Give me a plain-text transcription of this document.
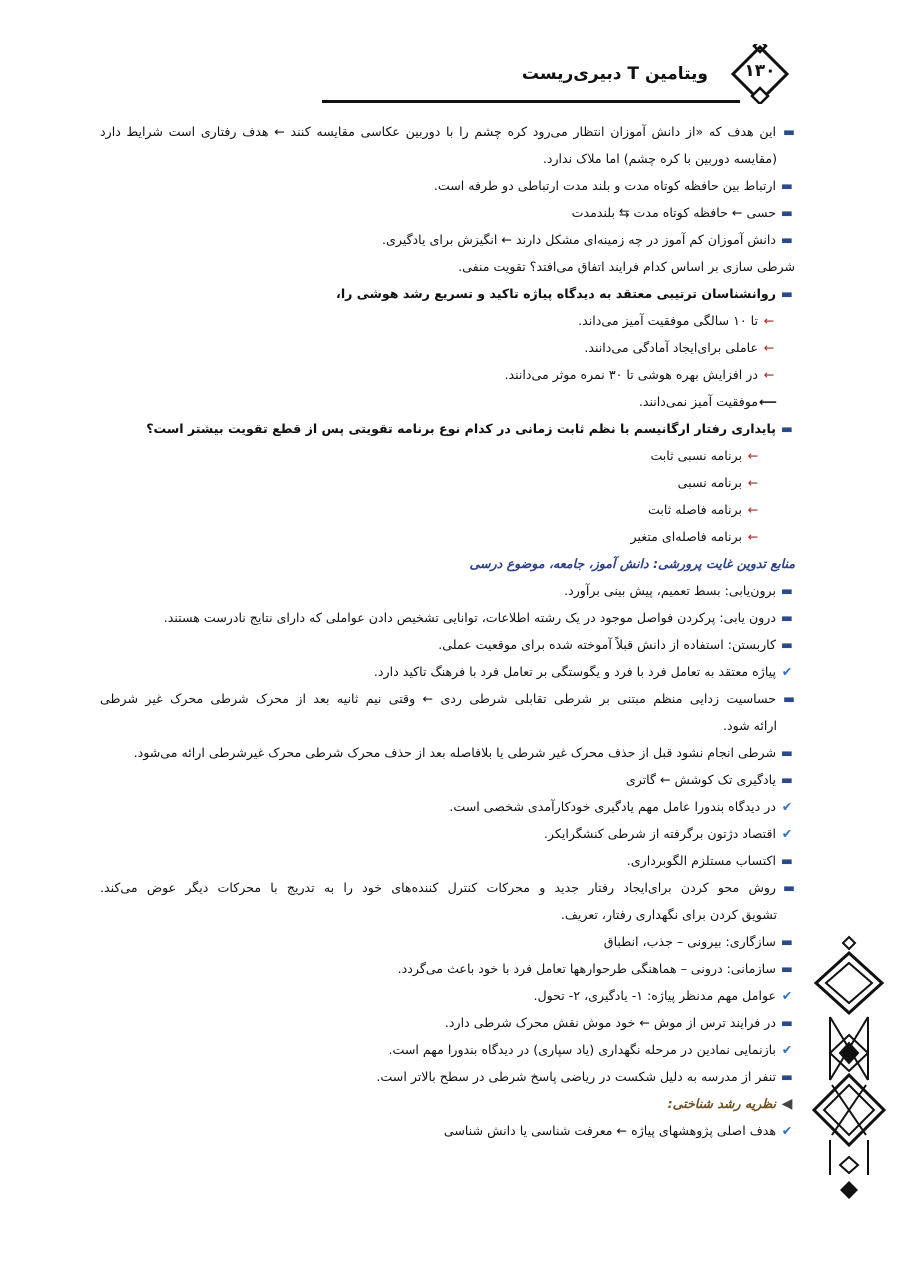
ویتامین T دبیری‌ریست	۱۳۰
▬این هدف که «از دانش آموزان انتظار می‌رود کره چشم را با دوربین عکاسی مقایسه کنند ← هدف رفتاری است شرایط دارد
(مقایسه دوربین با کره چشم) اما ملاک ندارد.
▬ارتباط بین حافظه کوتاه مدت و بلند مدت ارتباطی دو طرفه است.
▬حسی ← حافظه کوتاه مدت ⇆ بلندمدت
▬دانش آموزان کم آموز در چه زمینه‌ای مشکل دارند ← انگیزش برای یادگیری.
شرطی سازی بر اساس کدام فرایند اتفاق می‌افتد؟ تقویت منفی.
▬روانشناسان ترتیبی معتقد به دیدگاه پیاژه تاکید و تسریع رشد هوشی را،
←تا ۱۰ سالگی موفقیت آمیز می‌داند.
←عاملی برای‌ایجاد آمادگی می‌دانند.
←در افزایش بهره هوشی تا ۳۰ نمره موثر می‌دانند.
⟵موفقیت آمیز نمی‌دانند.
▬پایداری رفتار ارگانیسم با نظم ثابت زمانی در کدام نوع برنامه تقویتی پس از قطع تقویت بیشتر است؟
←برنامه نسبی ثابت
←برنامه نسبی
←برنامه فاصله ثابت
←برنامه فاصله‌ای متغیر
منابع تدوین غایت پرورشی: دانش آموز، جامعه، موضوع درسی
▬برون‌یابی: بسط تعمیم، پیش بینی برآورد.
▬درون یابی: پرکردن فواصل موجود در یک رشته اطلاعات، توانایی تشخیص دادن عواملی که دارای نتایج نادرست هستند.
▬کاربستن: استفاده از دانش قبلاً آموخته شده برای موقعیت عملی.
✔پیاژه معتقد به تعامل فرد با فرد و یگوستگی بر تعامل فرد با فرهنگ تاکید دارد.
▬حساسیت زدایی منظم مبتنی بر شرطی تقابلی شرطی ردی ← وقتی نیم ثانیه بعد از محرک شرطی محرک غیر شرطی
ارائه شود.
▬شرطی انجام نشود قبل از حذف محرک غیر شرطی یا بلافاصله بعد از حذف محرک شرطی محرک غیرشرطی ارائه می‌شود.
▬یادگیری تک کوشش ← گاتری
✔در دیدگاه بندورا عامل مهم یادگیری خودکارآمدی شخصی است.
✔اقتصاد دژتون برگرفته از شرطی کنشگرایکر.
▬اکتساب مستلزم الگوبرداری.
▬روش محو کردن برای‌ایجاد رفتار جدید و محرکات کنترل کننده‌های خود را به تدریج با محرکات دیگر عوض می‌کند.
تشویق کردن برای نگهداری رفتار، تعریف.
▬سازگاری: بیرونی – جذب، انطباق
▬سازمانی: درونی – هماهنگی طرحوارهها تعامل فرد با خود باعث می‌گردد.
✔عوامل مهم مدنظر پیاژه: ۱- یادگیری، ۲- تحول.
▬در فرایند ترس از موش ← خود موش نقش محرک شرطی دارد.
✔بازنمایی نمادین در مرحله نگهداری (یاد سپاری) در دیدگاه بندورا مهم است.
▬تنفر از مدرسه به دلیل شکست در ریاضی پاسخ شرطی در سطح بالاتر است.
◀نظریه رشد شناختی:
✔هدف اصلی پژوهشهای پیاژه ← معرفت شناسی یا دانش شناسی
